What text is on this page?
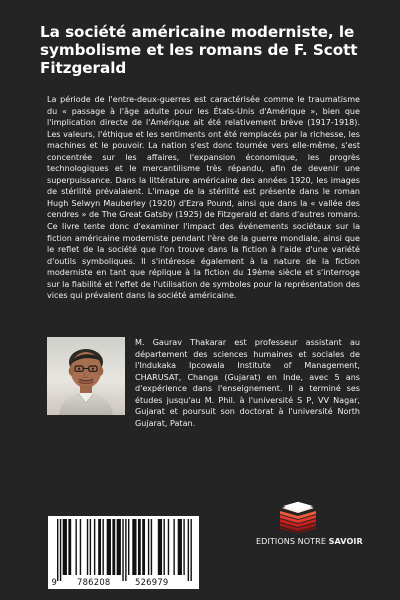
La société américaine moderniste, le symbolisme et les romans de F. Scott Fitzgerald

La période de l'entre-deux-guerres est caractérisée comme le traumatisme du « passage à l'âge adulte pour les États-Unis d'Amérique », bien que l'implication directe de l'Amérique ait été relativement brève (1917-1918). Les valeurs, l'éthique et les sentiments ont été remplacés par la richesse, les machines et le pouvoir. La nation s'est donc tournée vers elle-même, s'est concentrée sur les affaires, l'expansion économique, les progrès technologiques et le mercantilisme très répandu, afin de devenir une superpuissance. Dans la littérature américaine des années 1920, les images de stérilité prévalaient. L'image de la stérilité est présente dans le roman Hugh Selwyn Mauberley (1920) d'Ezra Pound, ainsi que dans la « vallée des cendres » de The Great Gatsby (1925) de Fitzgerald et dans d'autres romans. Ce livre tente donc d'examiner l'impact des événements sociétaux sur la fiction américaine moderniste pendant l'ère de la guerre mondiale, ainsi que le reflet de la société que l'on trouve dans la fiction à l'aide d'une variété d'outils symboliques. Il s'intéresse également à la nature de la fiction moderniste en tant que réplique à la fiction du 19ème siècle et s'interroge sur la fiabilité et l'effet de l'utilisation de symboles pour la représentation des vices qui prévalent dans la société américaine.

M. Gaurav Thakarar est professeur assistant au département des sciences humaines et sociales de l'Indukaka Ipcowala Institute of Management, CHARUSAT, Changa (Gujarat) en Inde, avec 5 ans d'expérience dans l'enseignement. Il a terminé ses études jusqu'au M. Phil. à l'université S P, VV Nagar, Gujarat et poursuit son doctorat à l'université North Gujarat, Patan.

EDITIONS NOTRE SAVOIR
9 786208	526979
